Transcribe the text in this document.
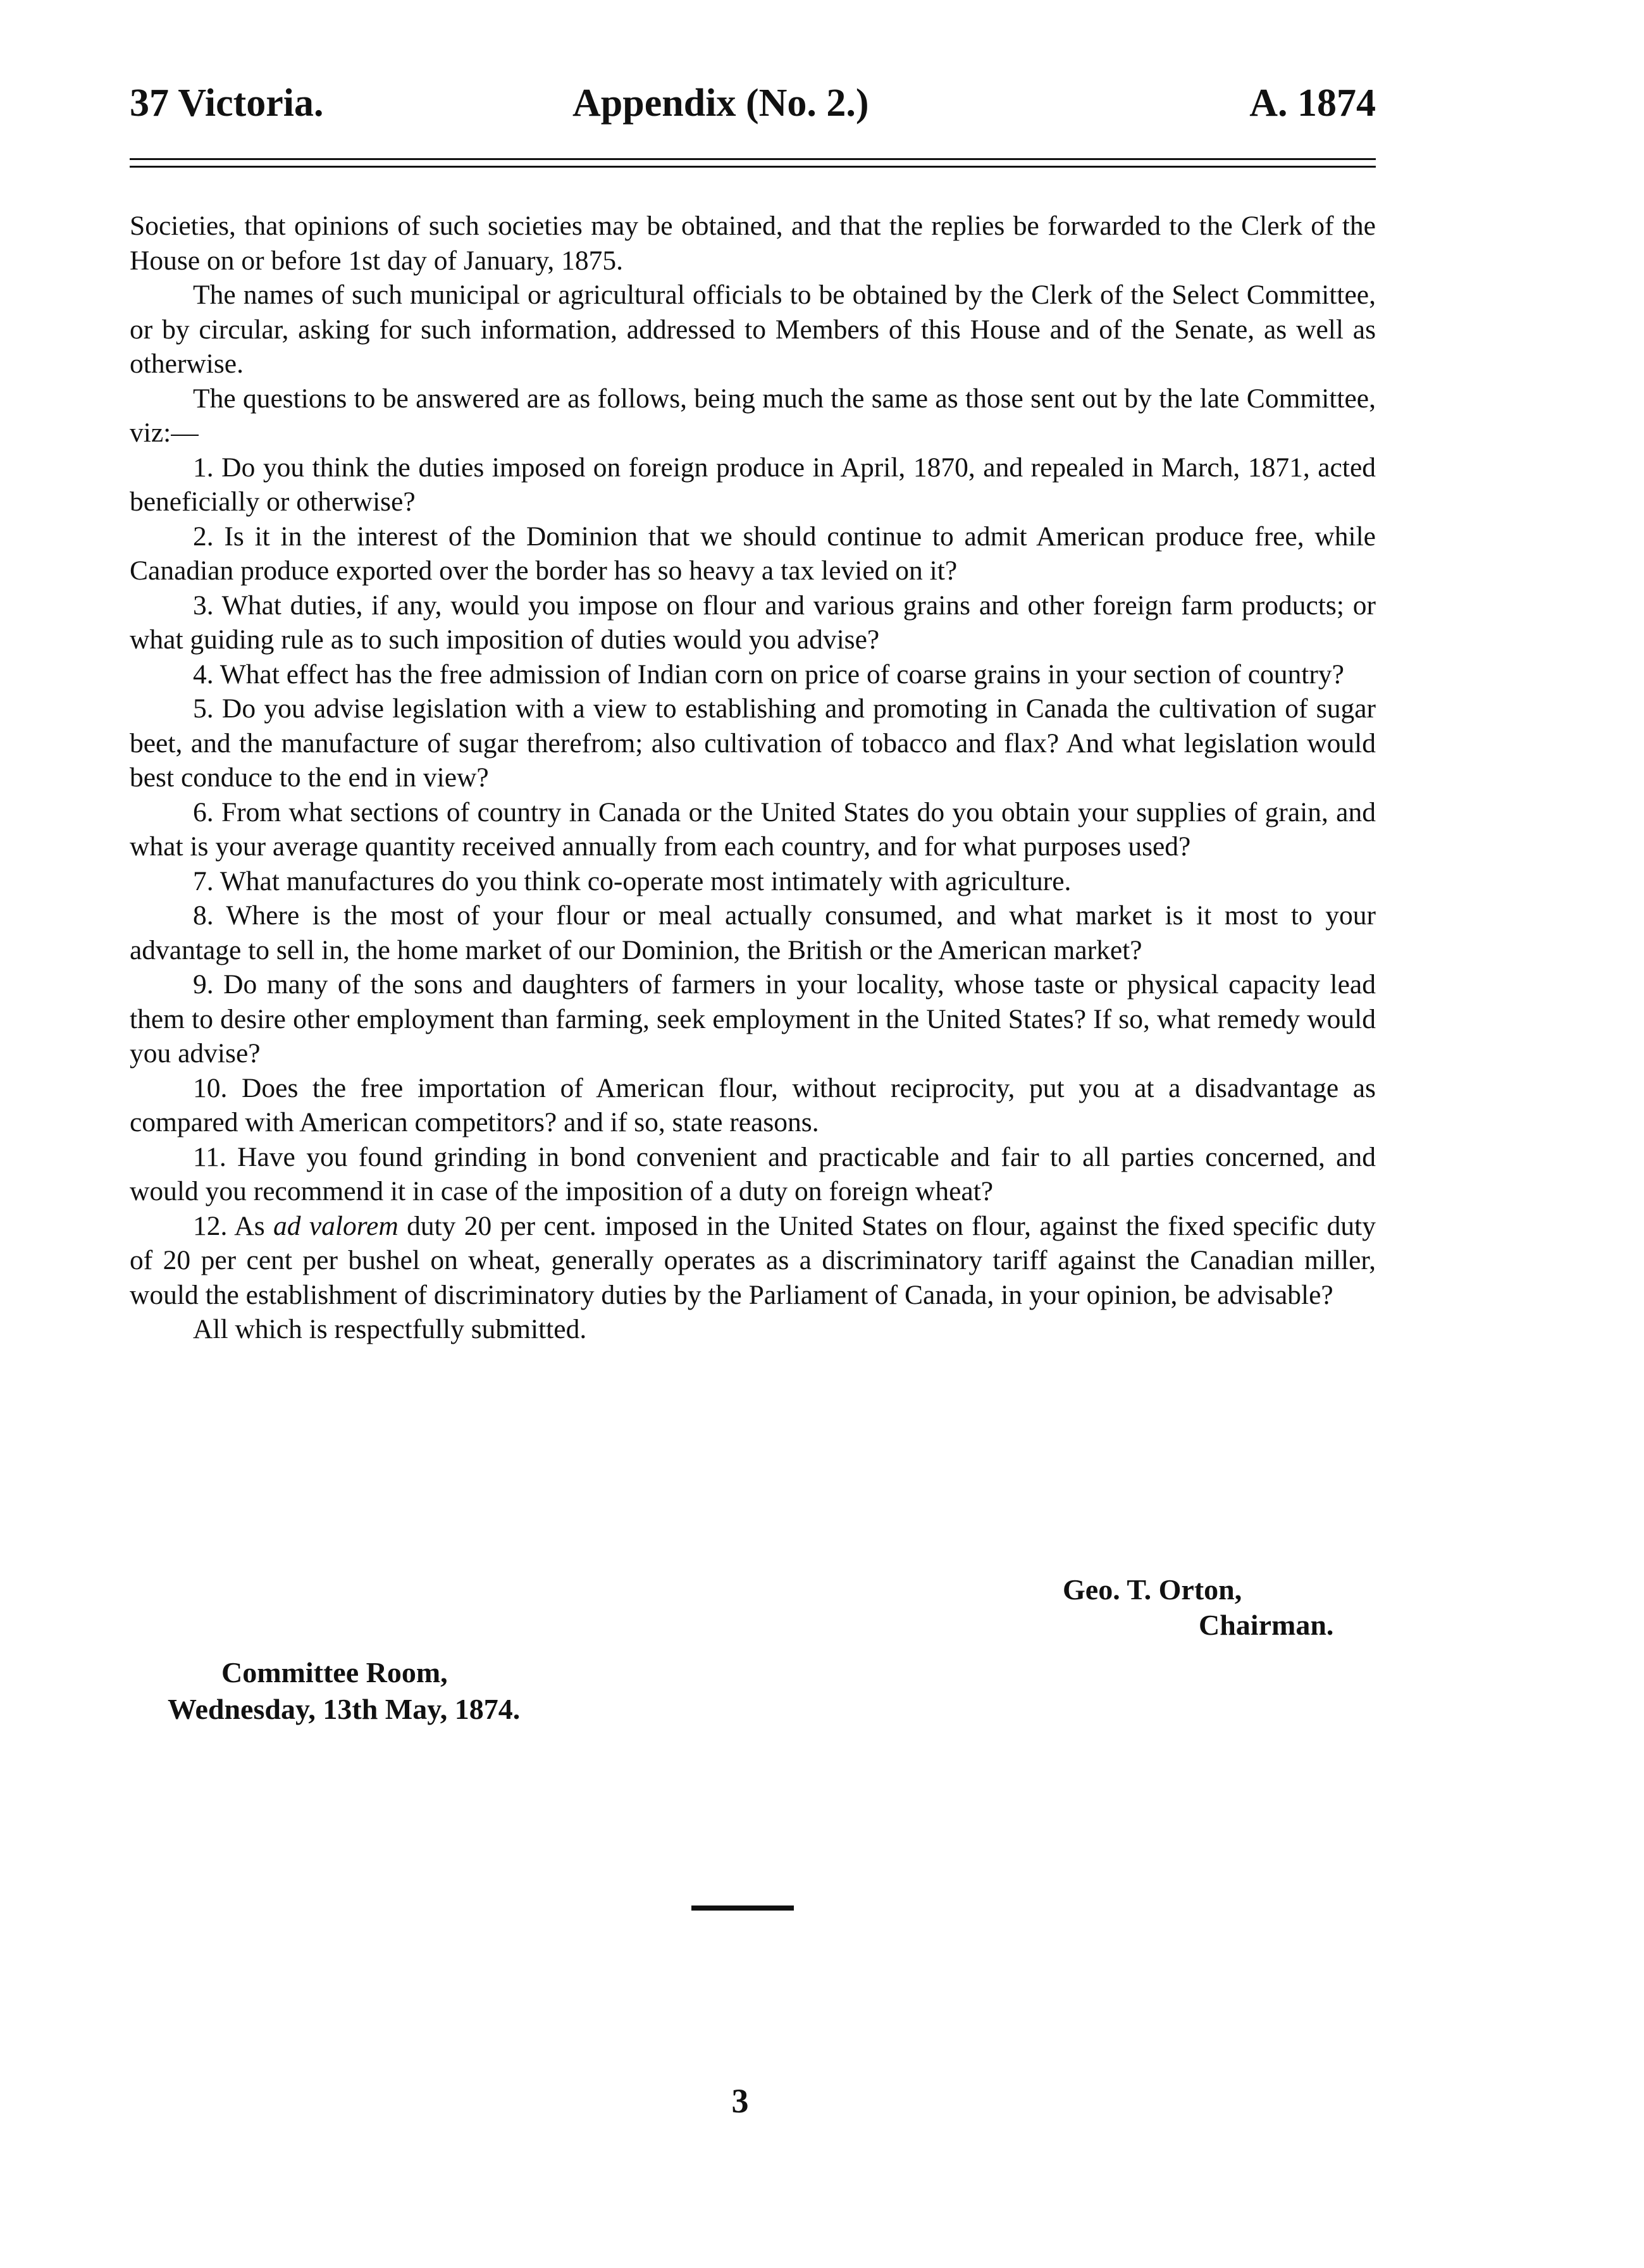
37 Victoria.	Appendix (No. 2.)	A. 1874

Societies, that opinions of such societies may be obtained, and that the replies be forwarded to the Clerk of the House on or before 1st day of January, 1875.

The names of such municipal or agricultural officials to be obtained by the Clerk of the Select Committee, or by circular, asking for such information, addressed to Members of this House and of the Senate, as well as otherwise.

The questions to be answered are as follows, being much the same as those sent out by the late Committee, viz:—

1. Do you think the duties imposed on foreign produce in April, 1870, and repealed in March, 1871, acted beneficially or otherwise?

2. Is it in the interest of the Dominion that we should continue to admit American produce free, while Canadian produce exported over the border has so heavy a tax levied on it?

3. What duties, if any, would you impose on flour and various grains and other foreign farm products; or what guiding rule as to such imposition of duties would you advise?

4. What effect has the free admission of Indian corn on price of coarse grains in your section of country?

5. Do you advise legislation with a view to establishing and promoting in Canada the cultivation of sugar beet, and the manufacture of sugar therefrom; also cultivation of tobacco and flax? And what legislation would best conduce to the end in view?

6. From what sections of country in Canada or the United States do you obtain your supplies of grain, and what is your average quantity received annually from each country, and for what purposes used?

7. What manufactures do you think co-operate most intimately with agriculture.

8. Where is the most of your flour or meal actually consumed, and what market is it most to your advantage to sell in, the home market of our Dominion, the British or the American market?

9. Do many of the sons and daughters of farmers in your locality, whose taste or physical capacity lead them to desire other employment than farming, seek employment in the United States? If so, what remedy would you advise?

10. Does the free importation of American flour, without reciprocity, put you at a disadvantage as compared with American competitors? and if so, state reasons.

11. Have you found grinding in bond convenient and practicable and fair to all parties concerned, and would you recommend it in case of the imposition of a duty on foreign wheat?

12. As ad valorem duty 20 per cent. imposed in the United States on flour, against the fixed specific duty of 20 per cent per bushel on wheat, generally operates as a discriminatory tariff against the Canadian miller, would the establishment of discriminatory duties by the Parliament of Canada, in your opinion, be advisable?

All which is respectfully submitted.

Geo. T. Orton,
Chairman.
Committee Room,
Wednesday, 13th May, 1874.
3
